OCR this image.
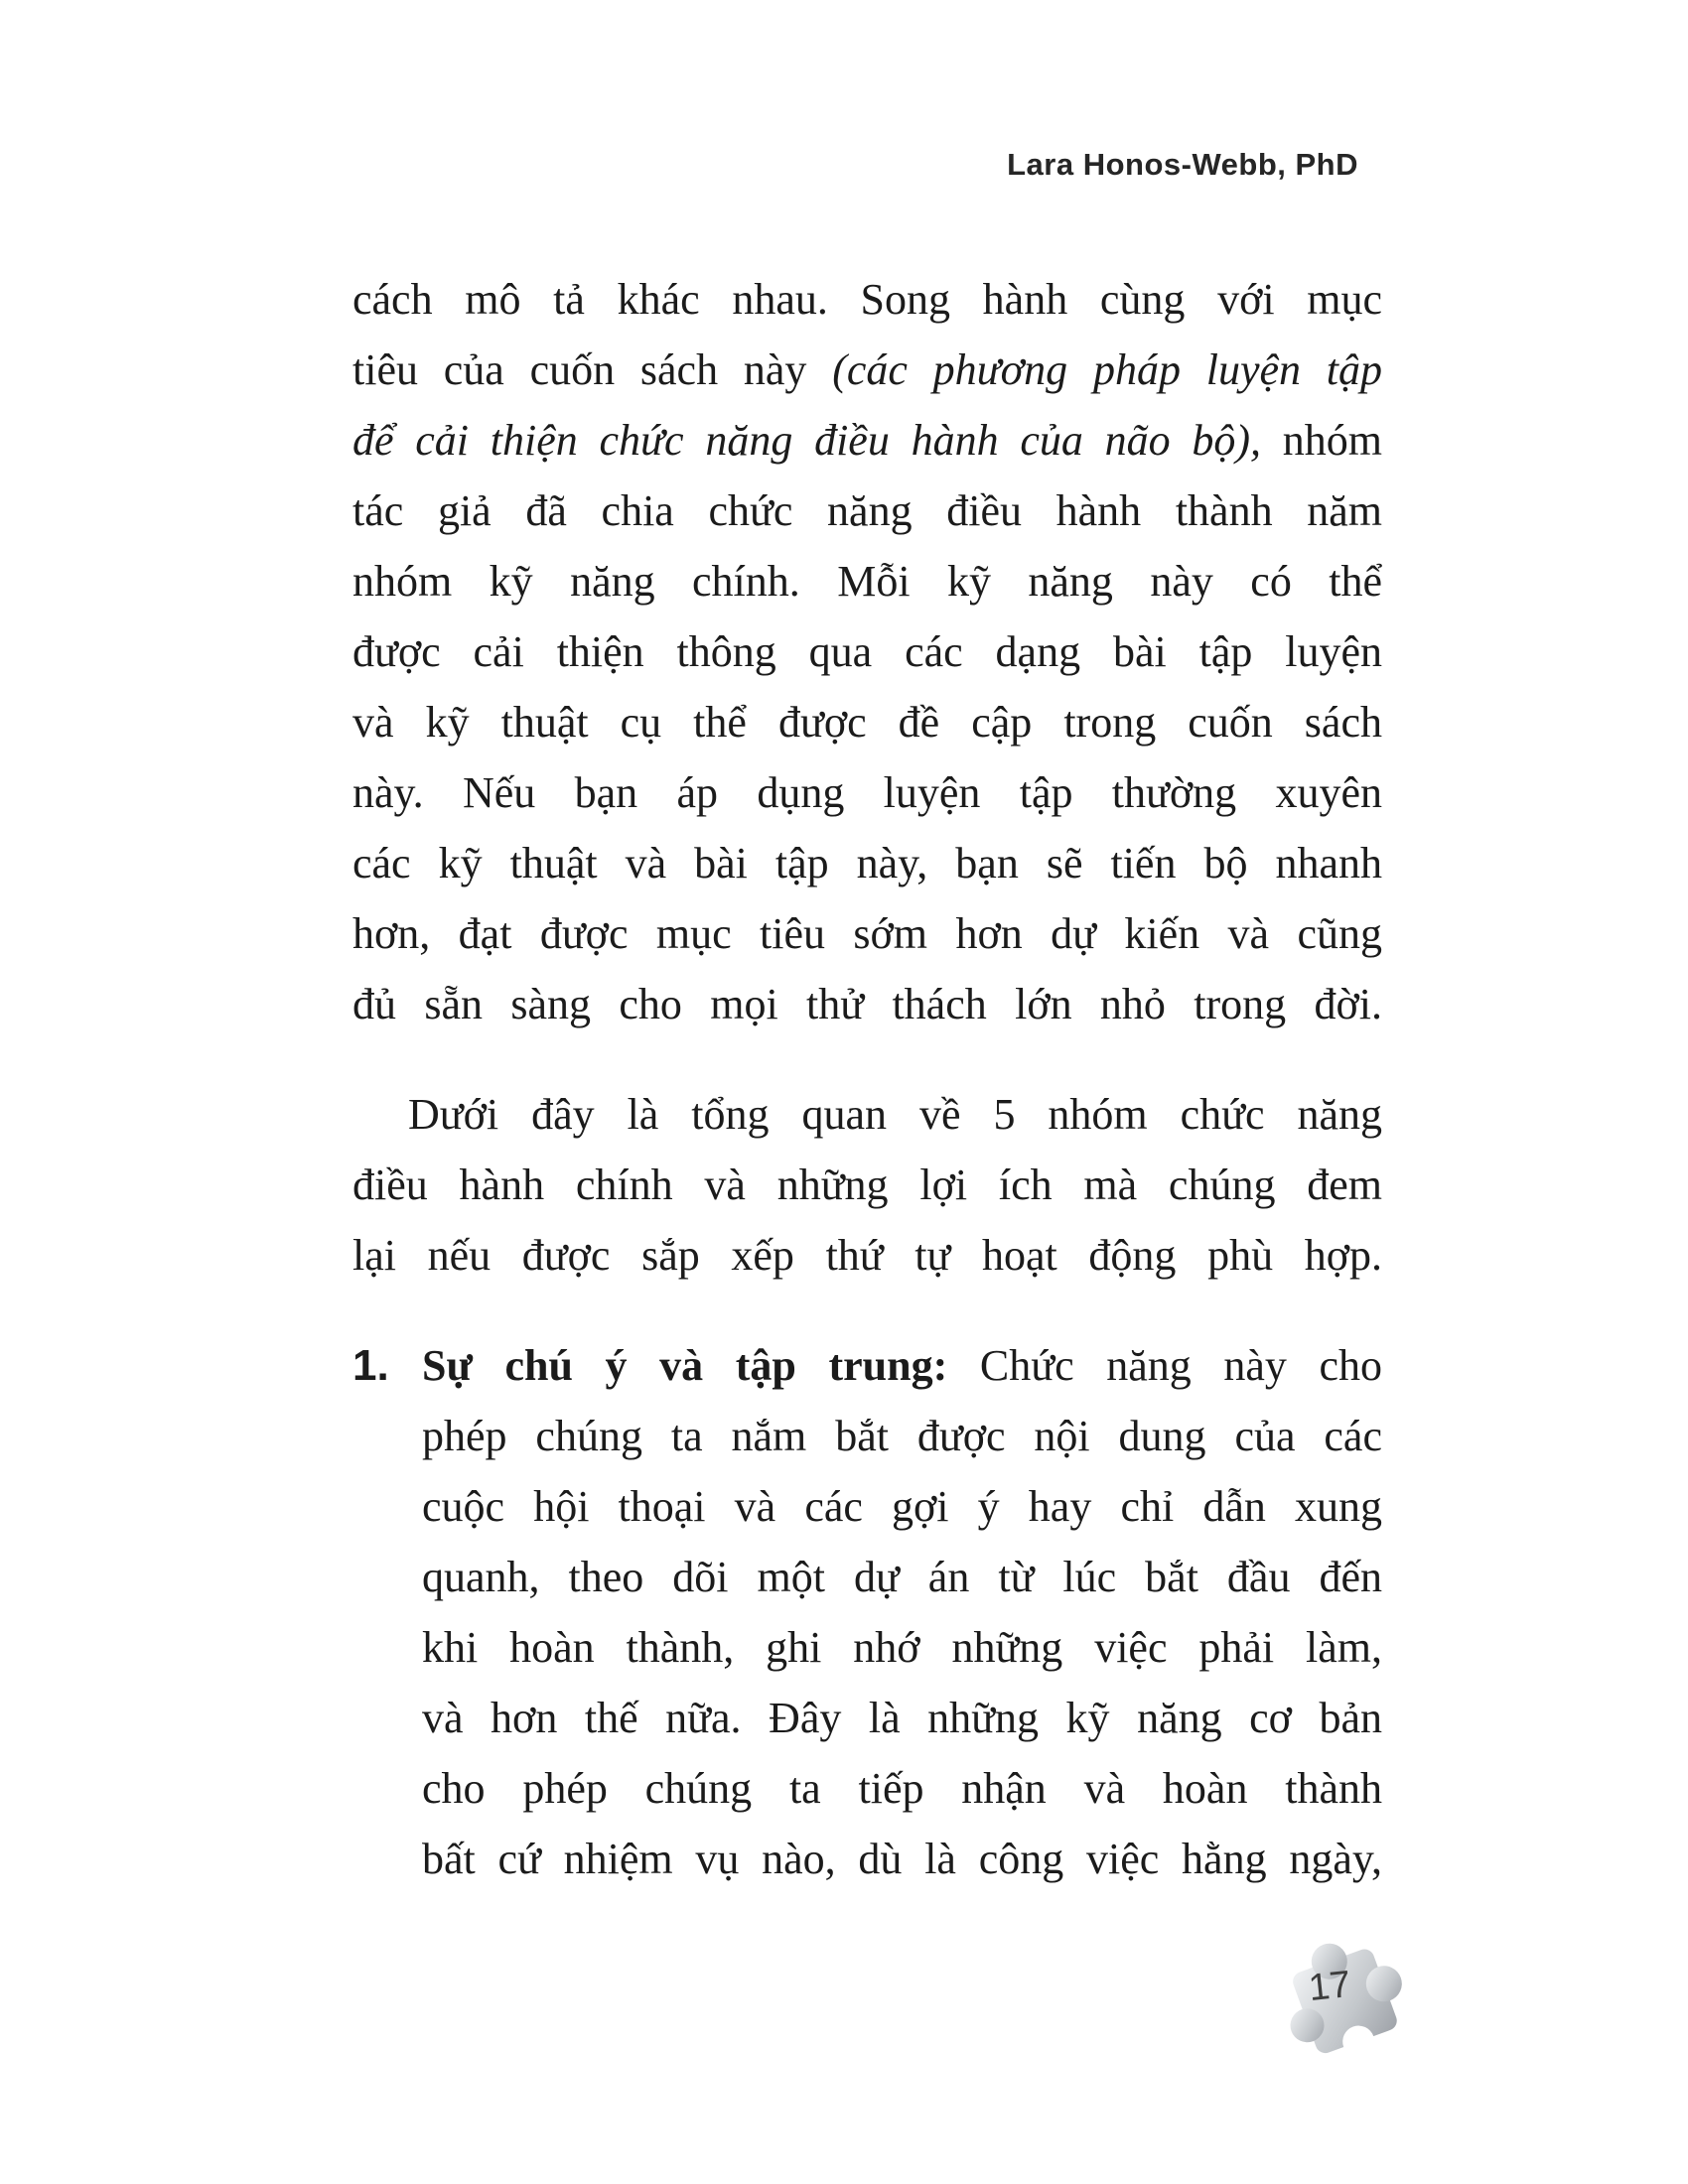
Lara Honos-Webb, PhD
cách mô tả khác nhau. Song hành cùng với mục
tiêu của cuốn sách này (các phương pháp luyện tập
để cải thiện chức năng điều hành của não bộ), nhóm
tác giả đã chia chức năng điều hành thành năm
nhóm kỹ năng chính. Mỗi kỹ năng này có thể
được cải thiện thông qua các dạng bài tập luyện
và kỹ thuật cụ thể được đề cập trong cuốn sách
này. Nếu bạn áp dụng luyện tập thường xuyên
các kỹ thuật và bài tập này, bạn sẽ tiến bộ nhanh
hơn, đạt được mục tiêu sớm hơn dự kiến và cũng
đủ sẵn sàng cho mọi thử thách lớn nhỏ trong đời.
Dưới đây là tổng quan về 5 nhóm chức năng
điều hành chính và những lợi ích mà chúng đem
lại nếu được sắp xếp thứ tự hoạt động phù hợp.
1. Sự chú ý và tập trung: Chức năng này cho
phép chúng ta nắm bắt được nội dung của các
cuộc hội thoại và các gợi ý hay chỉ dẫn xung
quanh, theo dõi một dự án từ lúc bắt đầu đến
khi hoàn thành, ghi nhớ những việc phải làm,
và hơn thế nữa. Đây là những kỹ năng cơ bản
cho phép chúng ta tiếp nhận và hoàn thành
bất cứ nhiệm vụ nào, dù là công việc hằng ngày,
17
